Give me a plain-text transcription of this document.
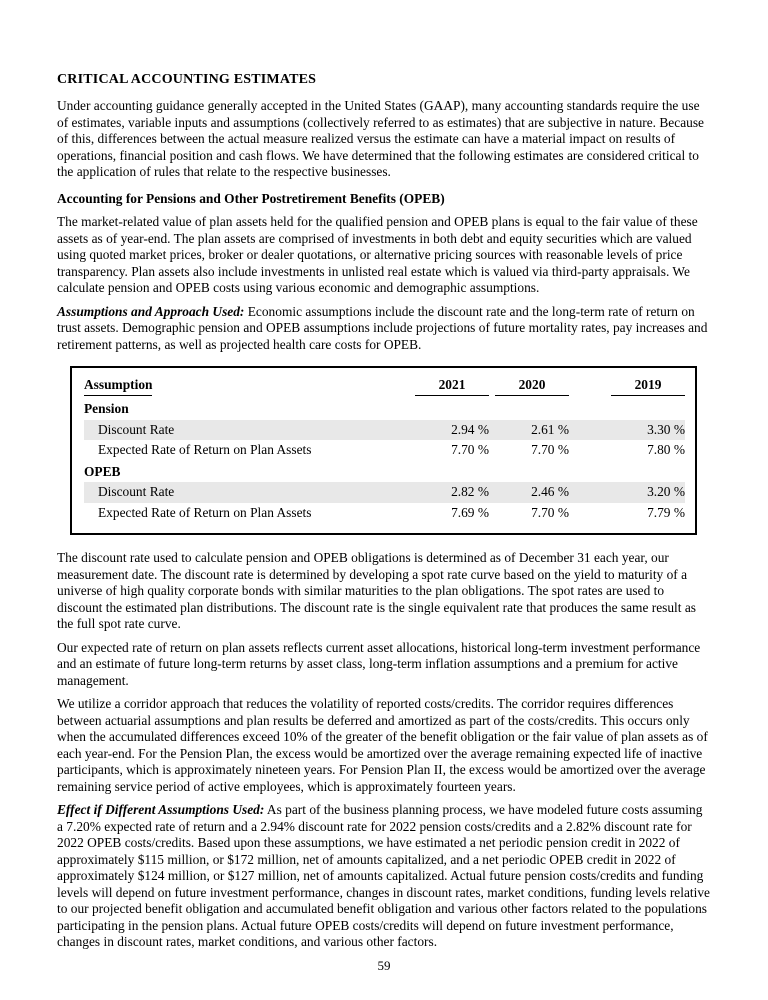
CRITICAL ACCOUNTING ESTIMATES

Under accounting guidance generally accepted in the United States (GAAP), many accounting standards require the use of estimates, variable inputs and assumptions (collectively referred to as estimates) that are subjective in nature. Because of this, differences between the actual measure realized versus the estimate can have a material impact on results of operations, financial position and cash flows. We have determined that the following estimates are considered critical to the application of rules that relate to the respective businesses.

Accounting for Pensions and Other Postretirement Benefits (OPEB)

The market-related value of plan assets held for the qualified pension and OPEB plans is equal to the fair value of these assets as of year-end. The plan assets are comprised of investments in both debt and equity securities which are valued using quoted market prices, broker or dealer quotations, or alternative pricing sources with reasonable levels of price transparency. Plan assets also include investments in unlisted real estate which is valued via third-party appraisals. We calculate pension and OPEB costs using various economic and demographic assumptions.

Assumptions and Approach Used: Economic assumptions include the discount rate and the long-term rate of return on trust assets. Demographic pension and OPEB assumptions include projections of future mortality rates, pay increases and retirement patterns, as well as projected health care costs for OPEB.

Assumption	2021	2020	2019
Pension			
Discount Rate	2.94 %	2.61 %	3.30 %
Expected Rate of Return on Plan Assets	7.70 %	7.70 %	7.80 %
OPEB			
Discount Rate	2.82 %	2.46 %	3.20 %
Expected Rate of Return on Plan Assets	7.69 %	7.70 %	7.79 %

The discount rate used to calculate pension and OPEB obligations is determined as of December 31 each year, our measurement date. The discount rate is determined by developing a spot rate curve based on the yield to maturity of a universe of high quality corporate bonds with similar maturities to the plan obligations. The spot rates are used to discount the estimated plan distributions. The discount rate is the single equivalent rate that produces the same result as the full spot rate curve.

Our expected rate of return on plan assets reflects current asset allocations, historical long-term investment performance and an estimate of future long-term returns by asset class, long-term inflation assumptions and a premium for active management.

We utilize a corridor approach that reduces the volatility of reported costs/credits. The corridor requires differences between actuarial assumptions and plan results be deferred and amortized as part of the costs/credits. This occurs only when the accumulated differences exceed 10% of the greater of the benefit obligation or the fair value of plan assets as of each year-end. For the Pension Plan, the excess would be amortized over the average remaining expected life of inactive participants, which is approximately nineteen years. For Pension Plan II, the excess would be amortized over the average remaining service period of active employees, which is approximately fourteen years.

Effect if Different Assumptions Used: As part of the business planning process, we have modeled future costs assuming a 7.20% expected rate of return and a 2.94% discount rate for 2022 pension costs/credits and a 2.82% discount rate for 2022 OPEB costs/credits. Based upon these assumptions, we have estimated a net periodic pension credit in 2022 of approximately $115 million, or $172 million, net of amounts capitalized, and a net periodic OPEB credit in 2022 of approximately $124 million, or $127 million, net of amounts capitalized. Actual future pension costs/credits and funding levels will depend on future investment performance, changes in discount rates, market conditions, funding levels relative to our projected benefit obligation and accumulated benefit obligation and various other factors related to the populations participating in the pension plans. Actual future OPEB costs/credits will depend on future investment performance, changes in discount rates, market conditions, and various other factors.

59
